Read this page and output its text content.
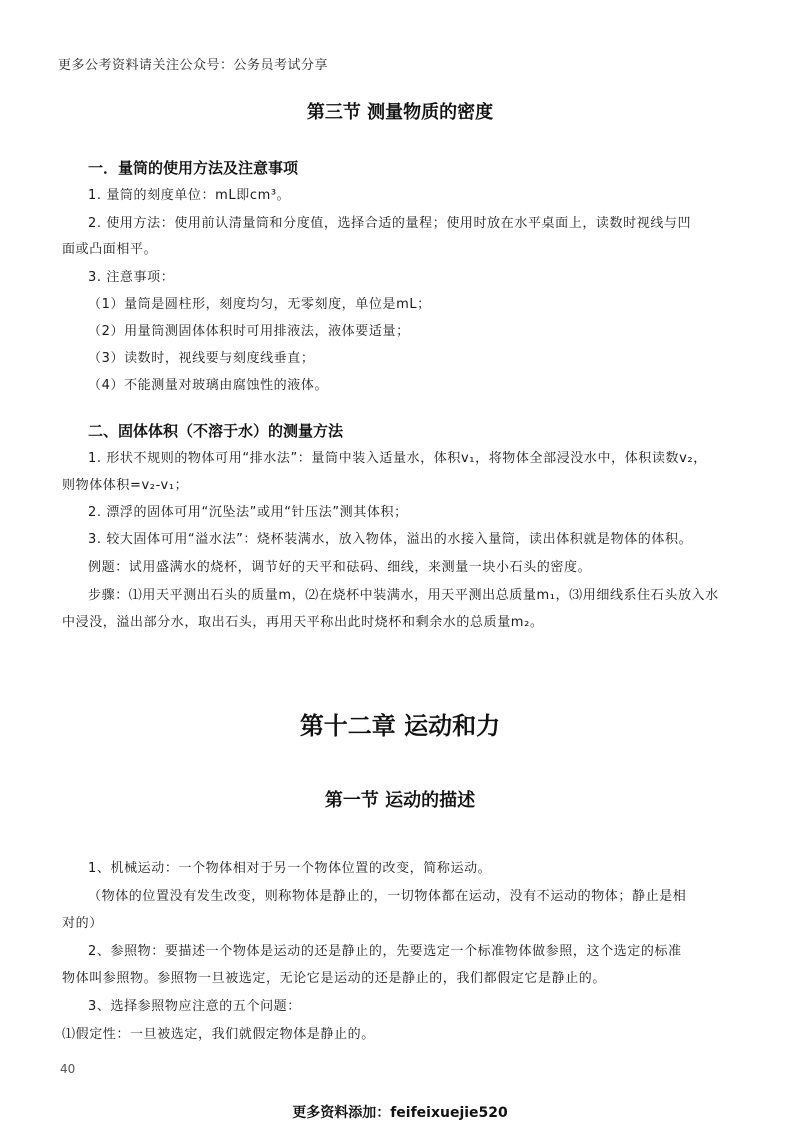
更多公考资料请关注公众号：公务员考试分享
第三节 测量物质的密度
一．量筒的使用方法及注意事项
1. 量筒的刻度单位：mL即cm³。
2. 使用方法：使用前认清量筒和分度值，选择合适的量程；使用时放在水平桌面上，读数时视线与凹
面或凸面相平。
3. 注意事项：
（1）量筒是圆柱形，刻度均匀，无零刻度，单位是mL；
（2）用量筒测固体体积时可用排液法，液体要适量；
（3）读数时，视线要与刻度线垂直；
（4）不能测量对玻璃由腐蚀性的液体。
二、固体体积（不溶于水）的测量方法
1. 形状不规则的物体可用“排水法”：量筒中装入适量水，体积v₁，将物体全部浸没水中，体积读数v₂，
则物体体积=v₂-v₁；
2. 漂浮的固体可用“沉坠法”或用“针压法”测其体积；
3. 较大固体可用“溢水法”：烧杯装满水，放入物体，溢出的水接入量筒，读出体积就是物体的体积。
例题：试用盛满水的烧杯，调节好的天平和砝码、细线，来测量一块小石头的密度。
步骤：⑴用天平测出石头的质量m，⑵在烧杯中装满水，用天平测出总质量m₁，⑶用细线系住石头放入水
中浸没，溢出部分水，取出石头，再用天平称出此时烧杯和剩余水的总质量m₂。
第十二章 运动和力
第一节 运动的描述
1、机械运动：一个物体相对于另一个物体位置的改变，简称运动。
（物体的位置没有发生改变，则称物体是静止的，一切物体都在运动，没有不运动的物体；静止是相
对的）
2、参照物：要描述一个物体是运动的还是静止的，先要选定一个标准物体做参照，这个选定的标准
物体叫参照物。参照物一旦被选定，无论它是运动的还是静止的，我们都假定它是静止的。
3、选择参照物应注意的五个问题：
⑴假定性：一旦被选定，我们就假定物体是静止的。
40
更多资料添加：feifeixuejie520
